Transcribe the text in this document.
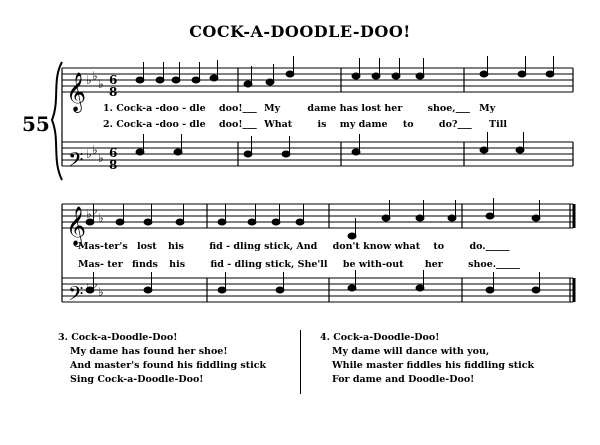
COCK-A-DOODLE-DOO!
55
𝄞
𝄢
𝄞
𝄢
♭ ♭
♭
♭ ♭
♭
♭ ♭
♭
♭ ♭
♭
6
8
6
8
1. Cock-a -doo - dle doo!___ My	dame has lost her	shoe,___ My
2. Cock-a -doo - dle doo!___ What	is my dame to	do?___ Till
Mas-ter's lost his	fid - dling stick, And don't know what to	do._____
Mas- ter finds his	fid - dling stick, She'll be with-out her	shoe._____
3. Cock-a-Doodle-Doo!
My dame has found her shoe!
And master's found his fiddling stick
Sing Cock-a-Doodle-Doo!
4. Cock-a-Doodle-Doo!
My dame will dance with you,
While master fiddles his fiddling stick
For dame and Doodle-Doo!
